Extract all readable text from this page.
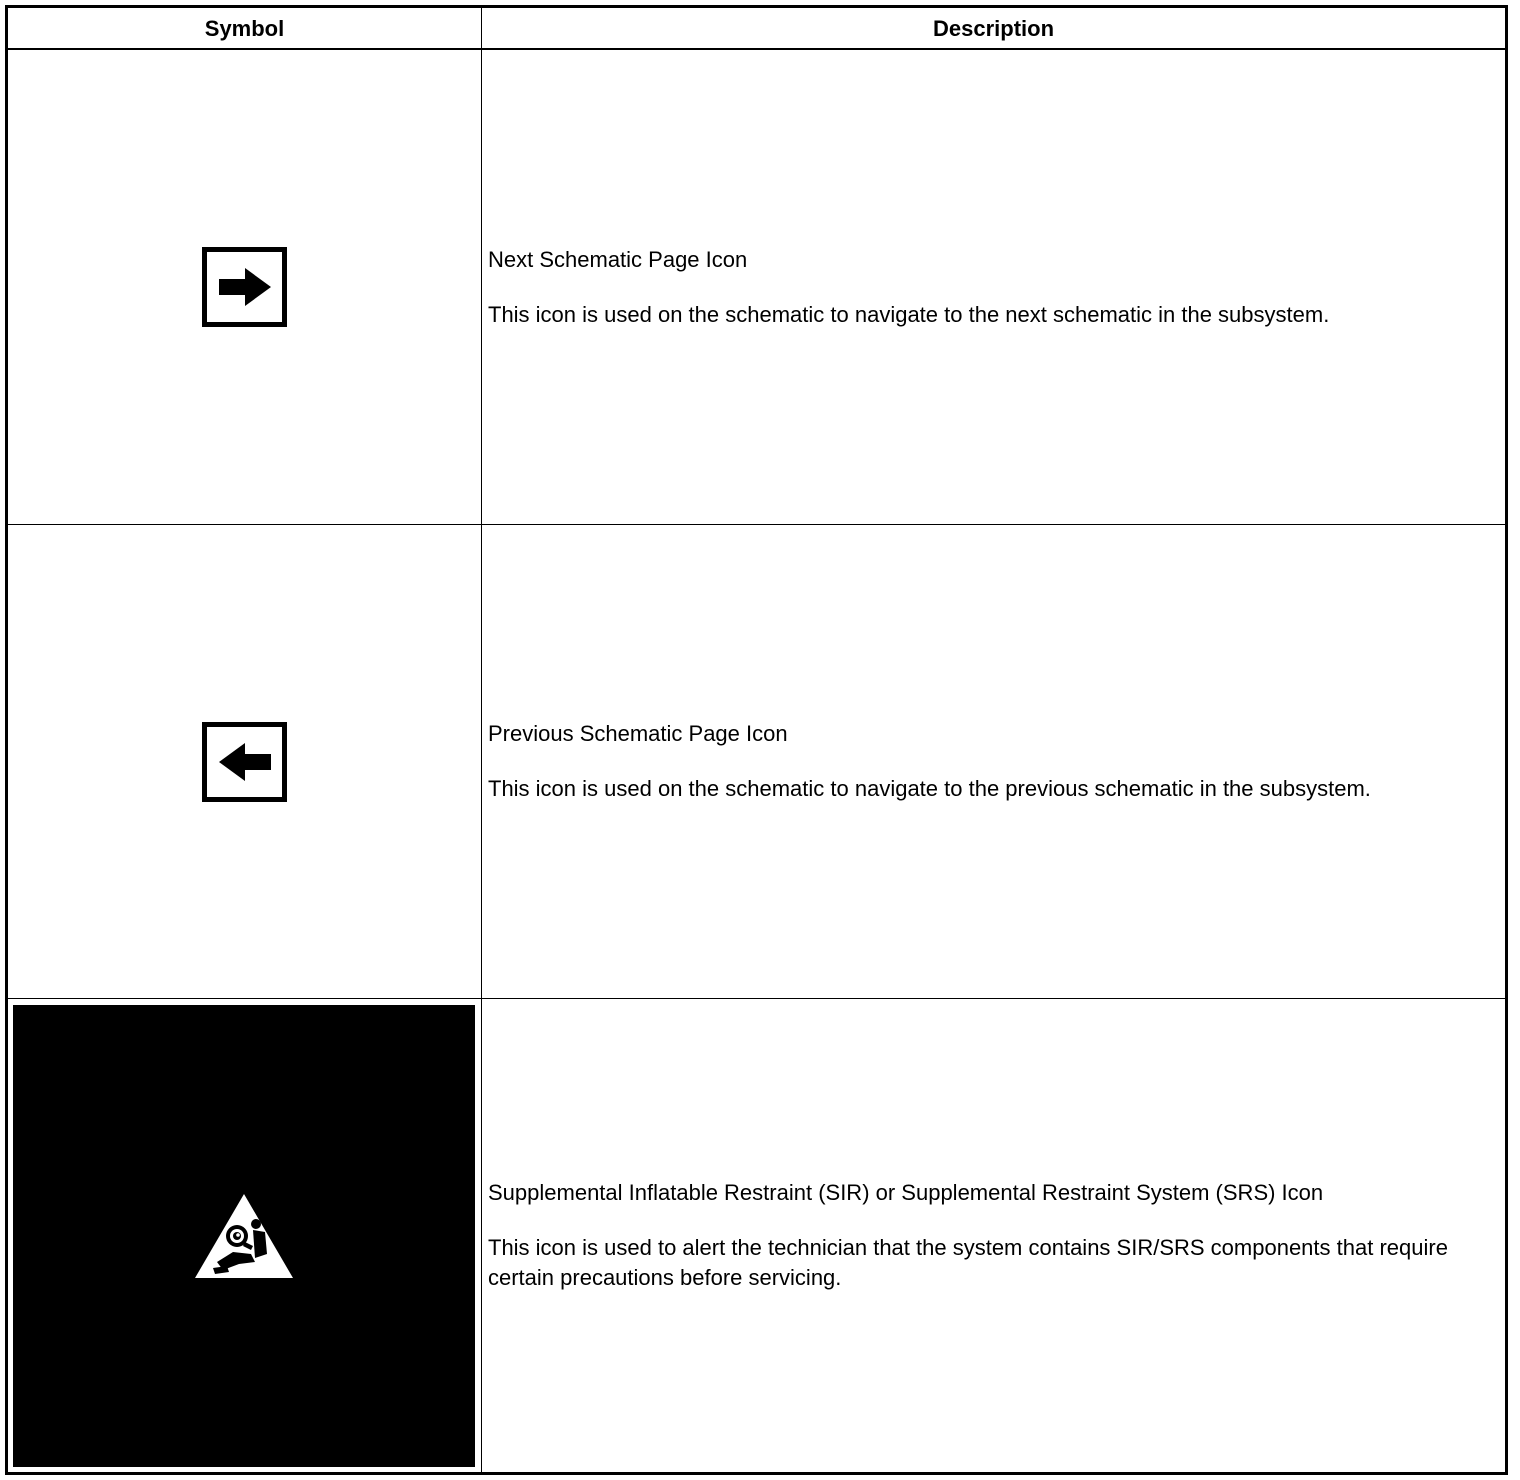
Symbol	Description

Next Schematic Page Icon

This icon is used on the schematic to navigate to the next schematic in the subsystem.

Previous Schematic Page Icon

This icon is used on the schematic to navigate to the previous schematic in the subsystem.

Supplemental Inflatable Restraint (SIR) or Supplemental Restraint System (SRS) Icon

This icon is used to alert the technician that the system contains SIR/SRS components that require certain precautions before servicing.
